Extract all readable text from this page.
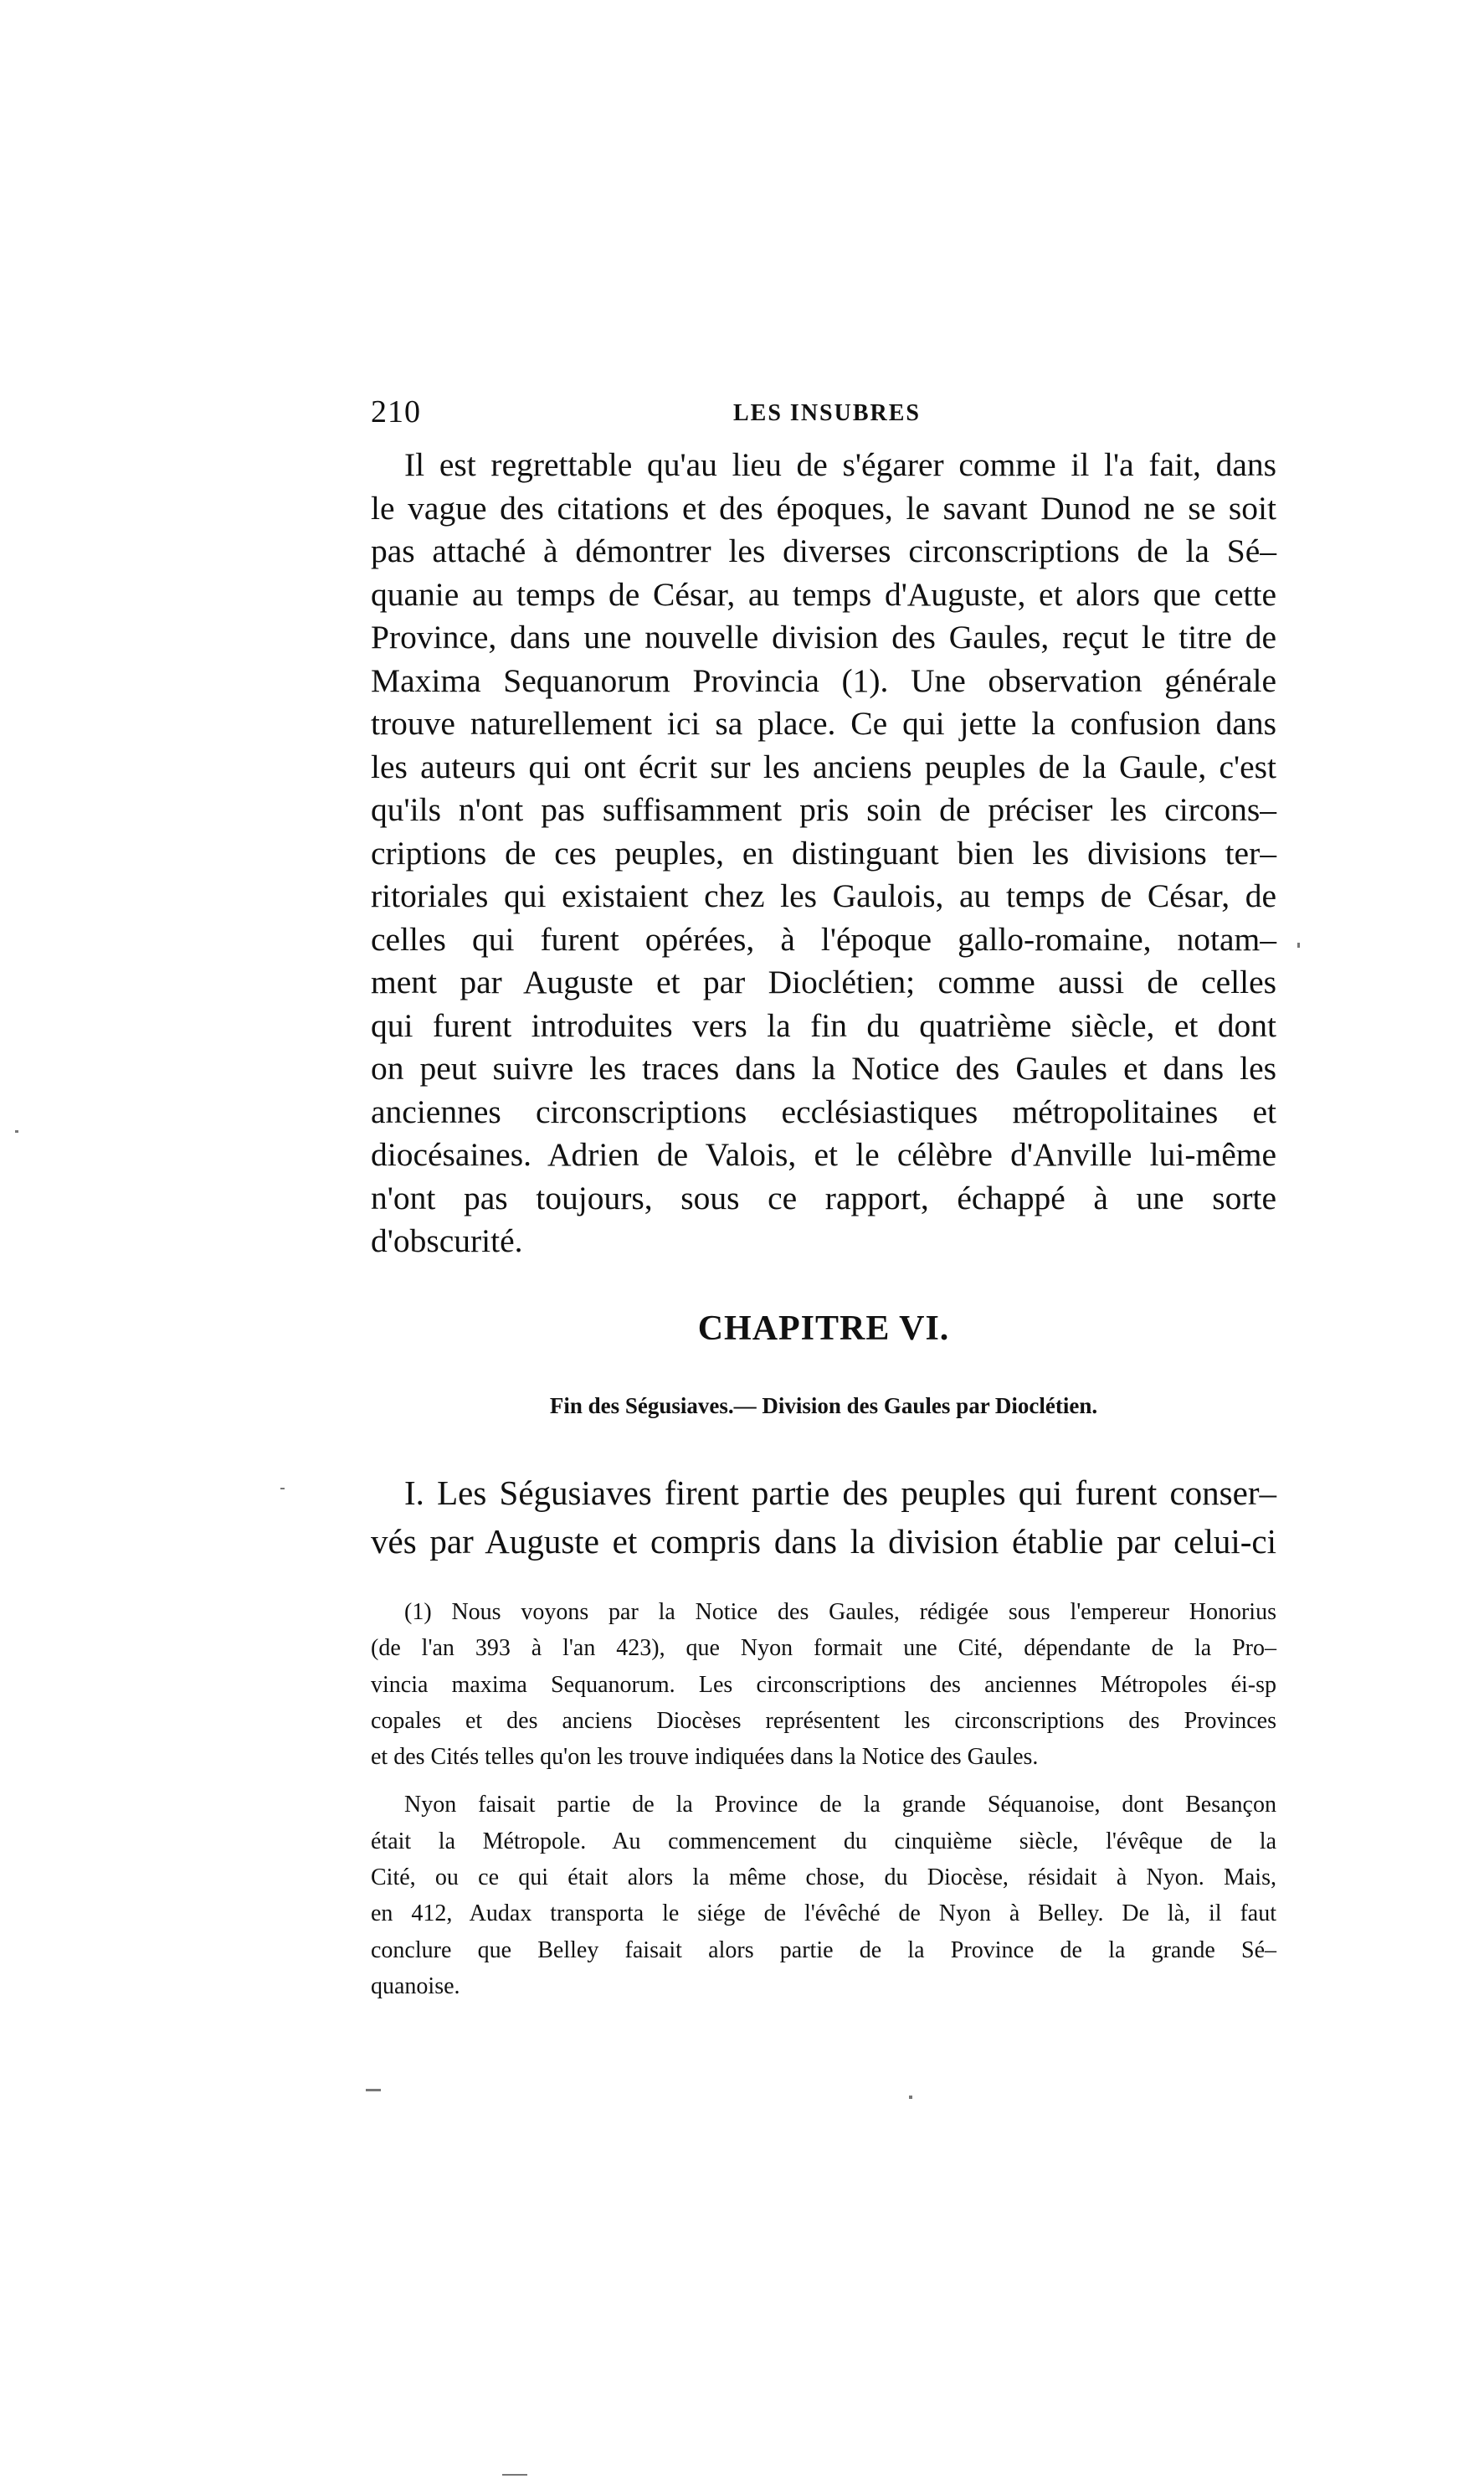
210	LES INSUBRES
Il est regrettable qu'au lieu de s'égarer comme il l'a fait, dans
le vague des citations et des époques, le savant Dunod ne se soit
pas attaché à démontrer les diverses circonscriptions de la Sé–
quanie au temps de César, au temps d'Auguste, et alors que cette
Province, dans une nouvelle division des Gaules, reçut le titre de
Maxima Sequanorum Provincia (1). Une observation générale
trouve naturellement ici sa place. Ce qui jette la confusion dans
les auteurs qui ont écrit sur les anciens peuples de la Gaule, c'est
qu'ils n'ont pas suffisamment pris soin de préciser les circons–
criptions de ces peuples, en distinguant bien les divisions ter–
ritoriales qui existaient chez les Gaulois, au temps de César, de
celles qui furent opérées, à l'époque gallo-romaine, notam–
ment par Auguste et par Dioclétien; comme aussi de celles
qui furent introduites vers la fin du quatrième siècle, et dont
on peut suivre les traces dans la Notice des Gaules et dans les
anciennes circonscriptions ecclésiastiques métropolitaines et
diocésaines. Adrien de Valois, et le célèbre d'Anville lui-même
n'ont pas toujours, sous ce rapport, échappé à une sorte
d'obscurité.
CHAPITRE VI.
Fin des Ségusiaves.— Division des Gaules par Dioclétien.
I. Les Ségusiaves firent partie des peuples qui furent conser–
vés par Auguste et compris dans la division établie par celui-ci
(1) Nous voyons par la Notice des Gaules, rédigée sous l'empereur Honorius
(de l'an 393 à l'an 423), que Nyon formait une Cité, dépendante de la Pro–
vincia maxima Sequanorum. Les circonscriptions des anciennes Métropoles éi-sp
copales et des anciens Diocèses représentent les circonscriptions des Provinces
et des Cités telles qu'on les trouve indiquées dans la Notice des Gaules.
Nyon faisait partie de la Province de la grande Séquanoise, dont Besançon
était la Métropole. Au commencement du cinquième siècle, l'évêque de la
Cité, ou ce qui était alors la même chose, du Diocèse, résidait à Nyon. Mais,
en 412, Audax transporta le siége de l'évêché de Nyon à Belley. De là, il faut
conclure que Belley faisait alors partie de la Province de la grande Sé–
quanoise.
